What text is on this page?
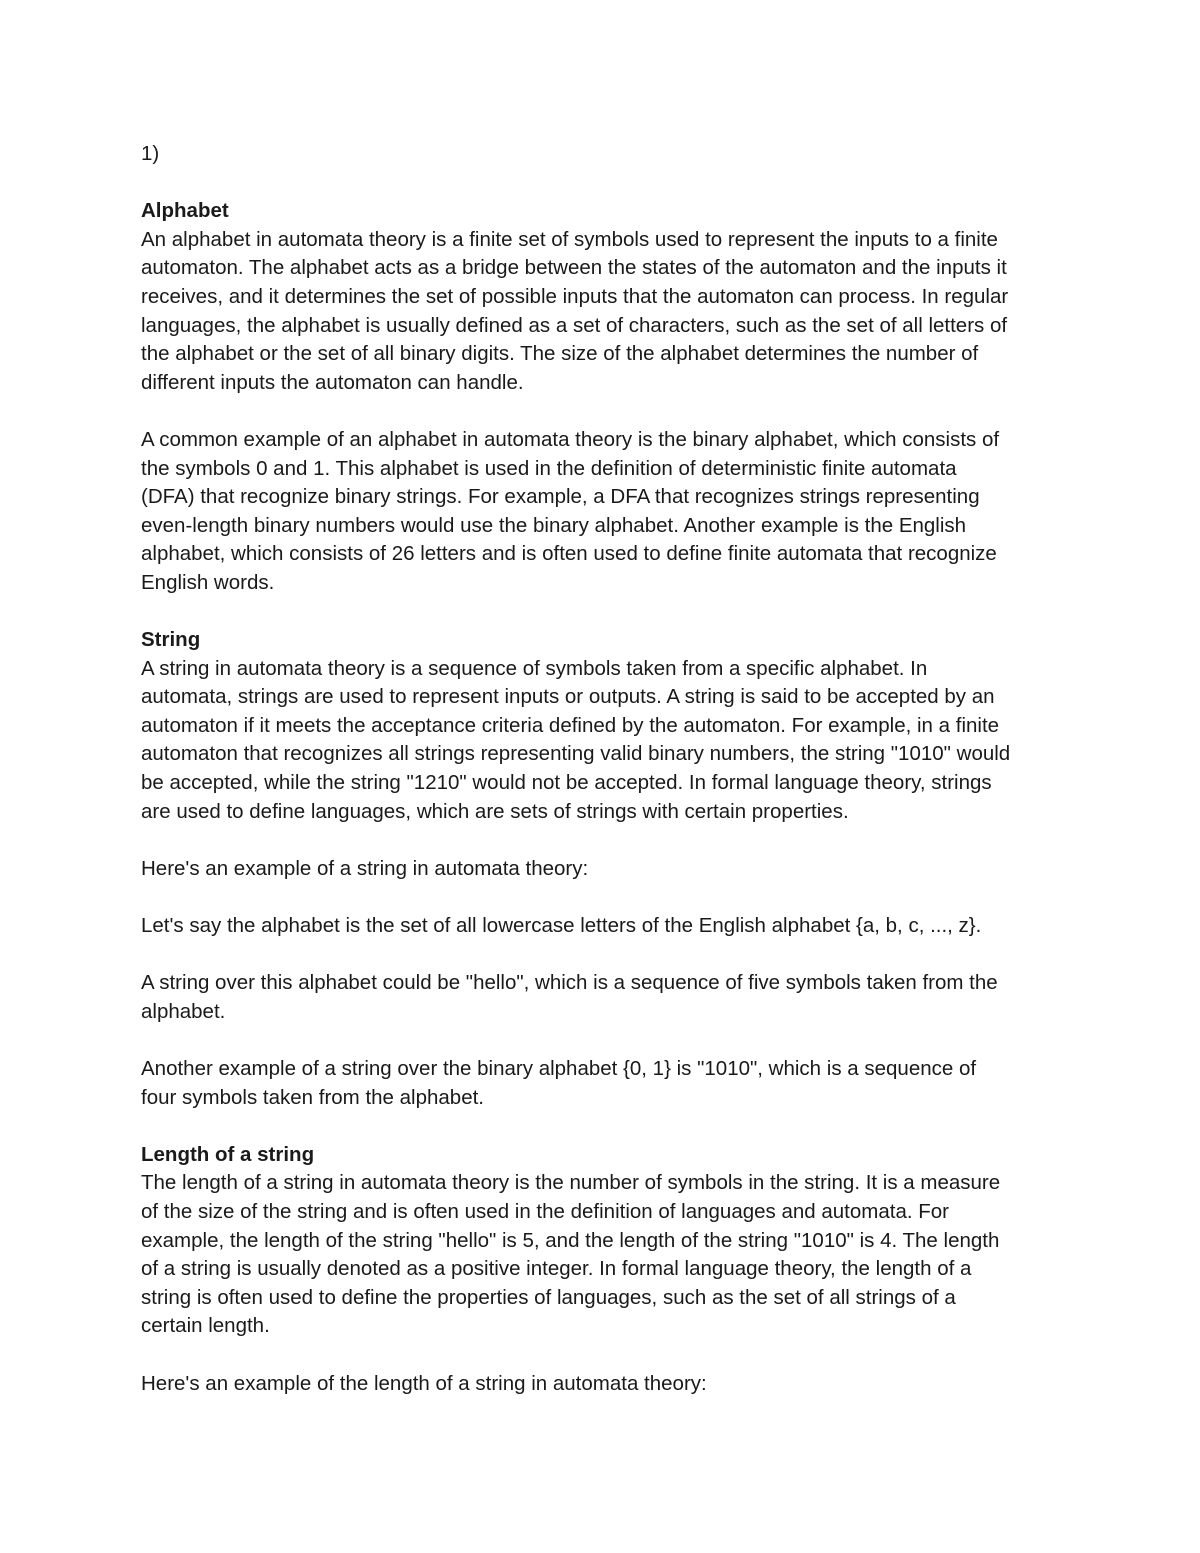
1)
Alphabet
An alphabet in automata theory is a finite set of symbols used to represent the inputs to a finite
automaton. The alphabet acts as a bridge between the states of the automaton and the inputs it
receives, and it determines the set of possible inputs that the automaton can process. In regular
languages, the alphabet is usually defined as a set of characters, such as the set of all letters of
the alphabet or the set of all binary digits. The size of the alphabet determines the number of
different inputs the automaton can handle.
A common example of an alphabet in automata theory is the binary alphabet, which consists of
the symbols 0 and 1. This alphabet is used in the definition of deterministic finite automata
(DFA) that recognize binary strings. For example, a DFA that recognizes strings representing
even-length binary numbers would use the binary alphabet. Another example is the English
alphabet, which consists of 26 letters and is often used to define finite automata that recognize
English words.
String
A string in automata theory is a sequence of symbols taken from a specific alphabet. In
automata, strings are used to represent inputs or outputs. A string is said to be accepted by an
automaton if it meets the acceptance criteria defined by the automaton. For example, in a finite
automaton that recognizes all strings representing valid binary numbers, the string "1010" would
be accepted, while the string "1210" would not be accepted. In formal language theory, strings
are used to define languages, which are sets of strings with certain properties.
Here's an example of a string in automata theory:
Let's say the alphabet is the set of all lowercase letters of the English alphabet {a, b, c, ..., z}.
A string over this alphabet could be "hello", which is a sequence of five symbols taken from the
alphabet.
Another example of a string over the binary alphabet {0, 1} is "1010", which is a sequence of
four symbols taken from the alphabet.
Length of a string
The length of a string in automata theory is the number of symbols in the string. It is a measure
of the size of the string and is often used in the definition of languages and automata. For
example, the length of the string "hello" is 5, and the length of the string "1010" is 4. The length
of a string is usually denoted as a positive integer. In formal language theory, the length of a
string is often used to define the properties of languages, such as the set of all strings of a
certain length.
Here's an example of the length of a string in automata theory:
